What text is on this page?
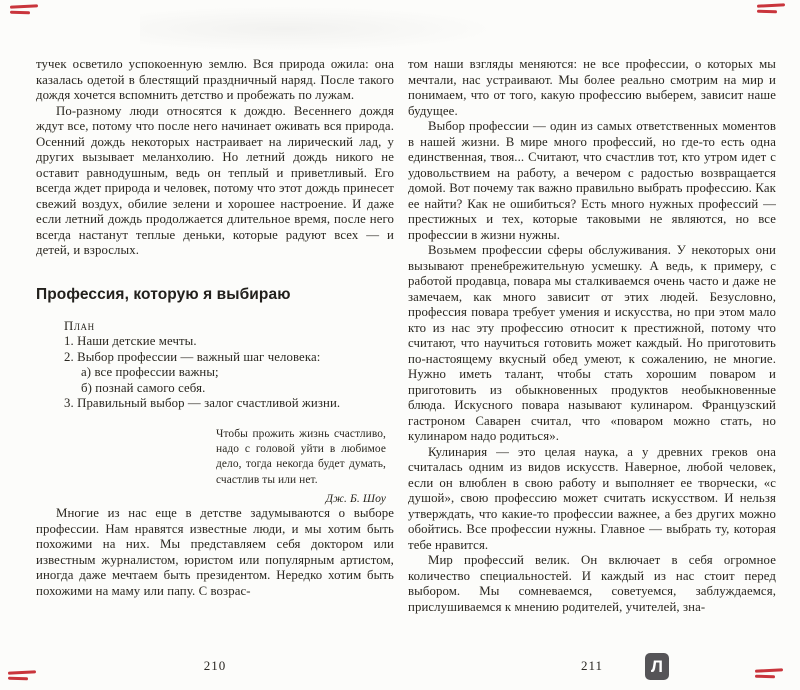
тучек осветило успокоенную землю. Вся природа ожила: она казалась одетой в блестящий праздничный наряд. После такого дождя хочется вспомнить детство и пробежать по лужам.

По-разному люди относятся к дождю. Весеннего дождя ждут все, потому что после него начинает оживать вся природа. Осенний дождь некоторых настраивает на лирический лад, у других вызывает меланхолию. Но летний дождь никого не оставит равнодушным, ведь он теплый и приветливый. Его всегда ждет природа и человек, потому что этот дождь принесет свежий воздух, обилие зелени и хорошее настроение. И даже если летний дождь продолжается длительное время, после него всегда настанут теплые деньки, которые радуют всех — и детей, и взрослых.

Профессия, которую я выбираю
План
1. Наши детские мечты.
2. Выбор профессии — важный шаг человека:
а) все профессии важны;
б) познай самого себя.
3. Правильный выбор — залог счастливой жизни.
Чтобы прожить жизнь счастливо, надо с головой уйти в любимое дело, тогда некогда будет думать, счастлив ты или нет.
Дж. Б. Шоу

Многие из нас еще в детстве задумываются о выборе профессии. Нам нравятся известные люди, и мы хотим быть похожими на них. Мы представляем себя доктором или известным журналистом, юристом или популярным артистом, иногда даже мечтаем быть президентом. Нередко хотим быть похожими на маму или папу. С возрас-

том наши взгляды меняются: не все профессии, о которых мы мечтали, нас устраивают. Мы более реально смотрим на мир и понимаем, что от того, какую профессию выберем, зависит наше будущее.

Выбор профессии — один из самых ответственных моментов в нашей жизни. В мире много профессий, но где-то есть одна единственная, твоя... Считают, что счастлив тот, кто утром идет с удовольствием на работу, а вечером с радостью возвращается домой. Вот почему так важно правильно выбрать профессию. Как ее найти? Как не ошибиться? Есть много нужных профессий — престижных и тех, которые таковыми не являются, но все профессии в жизни нужны.

Возьмем профессии сферы обслуживания. У некоторых они вызывают пренебрежительную усмешку. А ведь, к примеру, с работой продавца, повара мы сталкиваемся очень часто и даже не замечаем, как много зависит от этих людей. Безусловно, профессия повара требует умения и искусства, но при этом мало кто из нас эту профессию относит к престижной, потому что считают, что научиться готовить может каждый. Но приготовить по-настоящему вкусный обед умеют, к сожалению, не многие. Нужно иметь талант, чтобы стать хорошим поваром и приготовить из обыкновенных продуктов необыкновенные блюда. Искусного повара называют кулинаром. Французский гастроном Саварен считал, что «поваром можно стать, но кулинаром надо родиться».

Кулинария — это целая наука, а у древних греков она считалась одним из видов искусств. Наверное, любой человек, если он влюблен в свою работу и выполняет ее творчески, «с душой», свою профессию может считать искусством. И нельзя утверждать, что какие-то профессии важнее, а без других можно обойтись. Все профессии нужны. Главное — выбрать ту, которая тебе нравится.

Мир профессий велик. Он включает в себя огромное количество специальностей. И каждый из нас стоит перед выбором. Мы сомневаемся, советуемся, заблуждаемся, прислушиваемся к мнению родителей, учителей, зна-

210	211	Л
